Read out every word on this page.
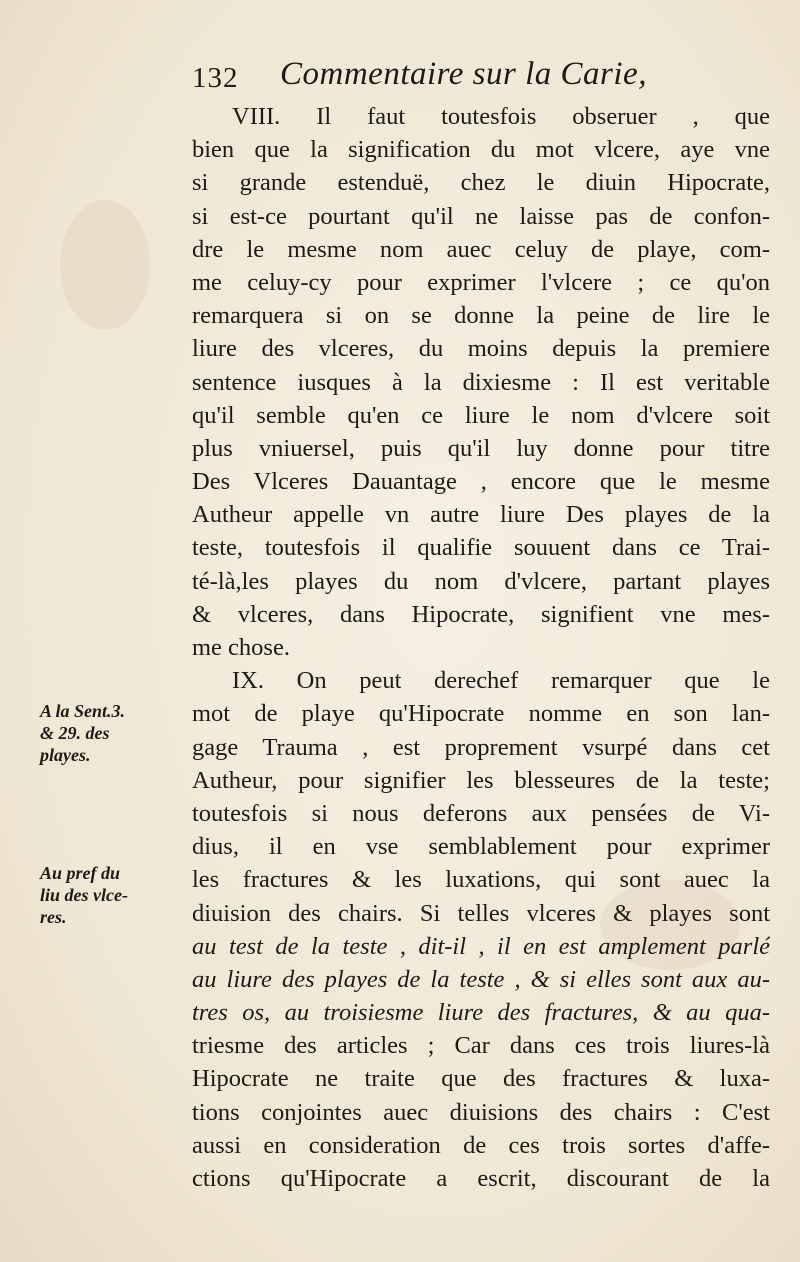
132 Commentaire sur la Carie,
VIII. Il faut toutesfois obseruer , que
bien que la signification du mot vlcere, aye vne
si grande estenduë, chez le diuin Hipocrate,
si est-ce pourtant qu'il ne laisse pas de confon-
dre le mesme nom auec celuy de playe, com-
me celuy-cy pour exprimer l'vlcere ; ce qu'on
remarquera si on se donne la peine de lire le
liure des vlceres, du moins depuis la premiere
sentence iusques à la dixiesme : Il est veritable
qu'il semble qu'en ce liure le nom d'vlcere soit
plus vniuersel, puis qu'il luy donne pour titre
Des Vlceres Dauantage , encore que le mesme
Autheur appelle vn autre liure Des playes de la
teste, toutesfois il qualifie souuent dans ce Trai-
té-là,les playes du nom d'vlcere, partant playes
& vlceres, dans Hipocrate, signifient vne mes-
me chose.
IX. On peut derechef remarquer que le
mot de playe qu'Hipocrate nomme en son lan-
gage Trauma , est proprement vsurpé dans cet
Autheur, pour signifier les blesseures de la teste;
toutesfois si nous deferons aux pensées de Vi-
dius, il en vse semblablement pour exprimer
les fractures & les luxations, qui sont auec la
diuision des chairs. Si telles vlceres & playes sont
au test de la teste , dit-il , il en est amplement parlé
au liure des playes de la teste , & si elles sont aux au-
tres os, au troisiesme liure des fractures, & au qua-
triesme des articles ; Car dans ces trois liures-là
Hipocrate ne traite que des fractures & luxa-
tions conjointes auec diuisions des chairs : C'est
aussi en consideration de ces trois sortes d'affe-
ctions qu'Hipocrate a escrit, discourant de la
A la Sent.3.
& 29. des
playes.
Au pref du
liu des vlce-
res.
